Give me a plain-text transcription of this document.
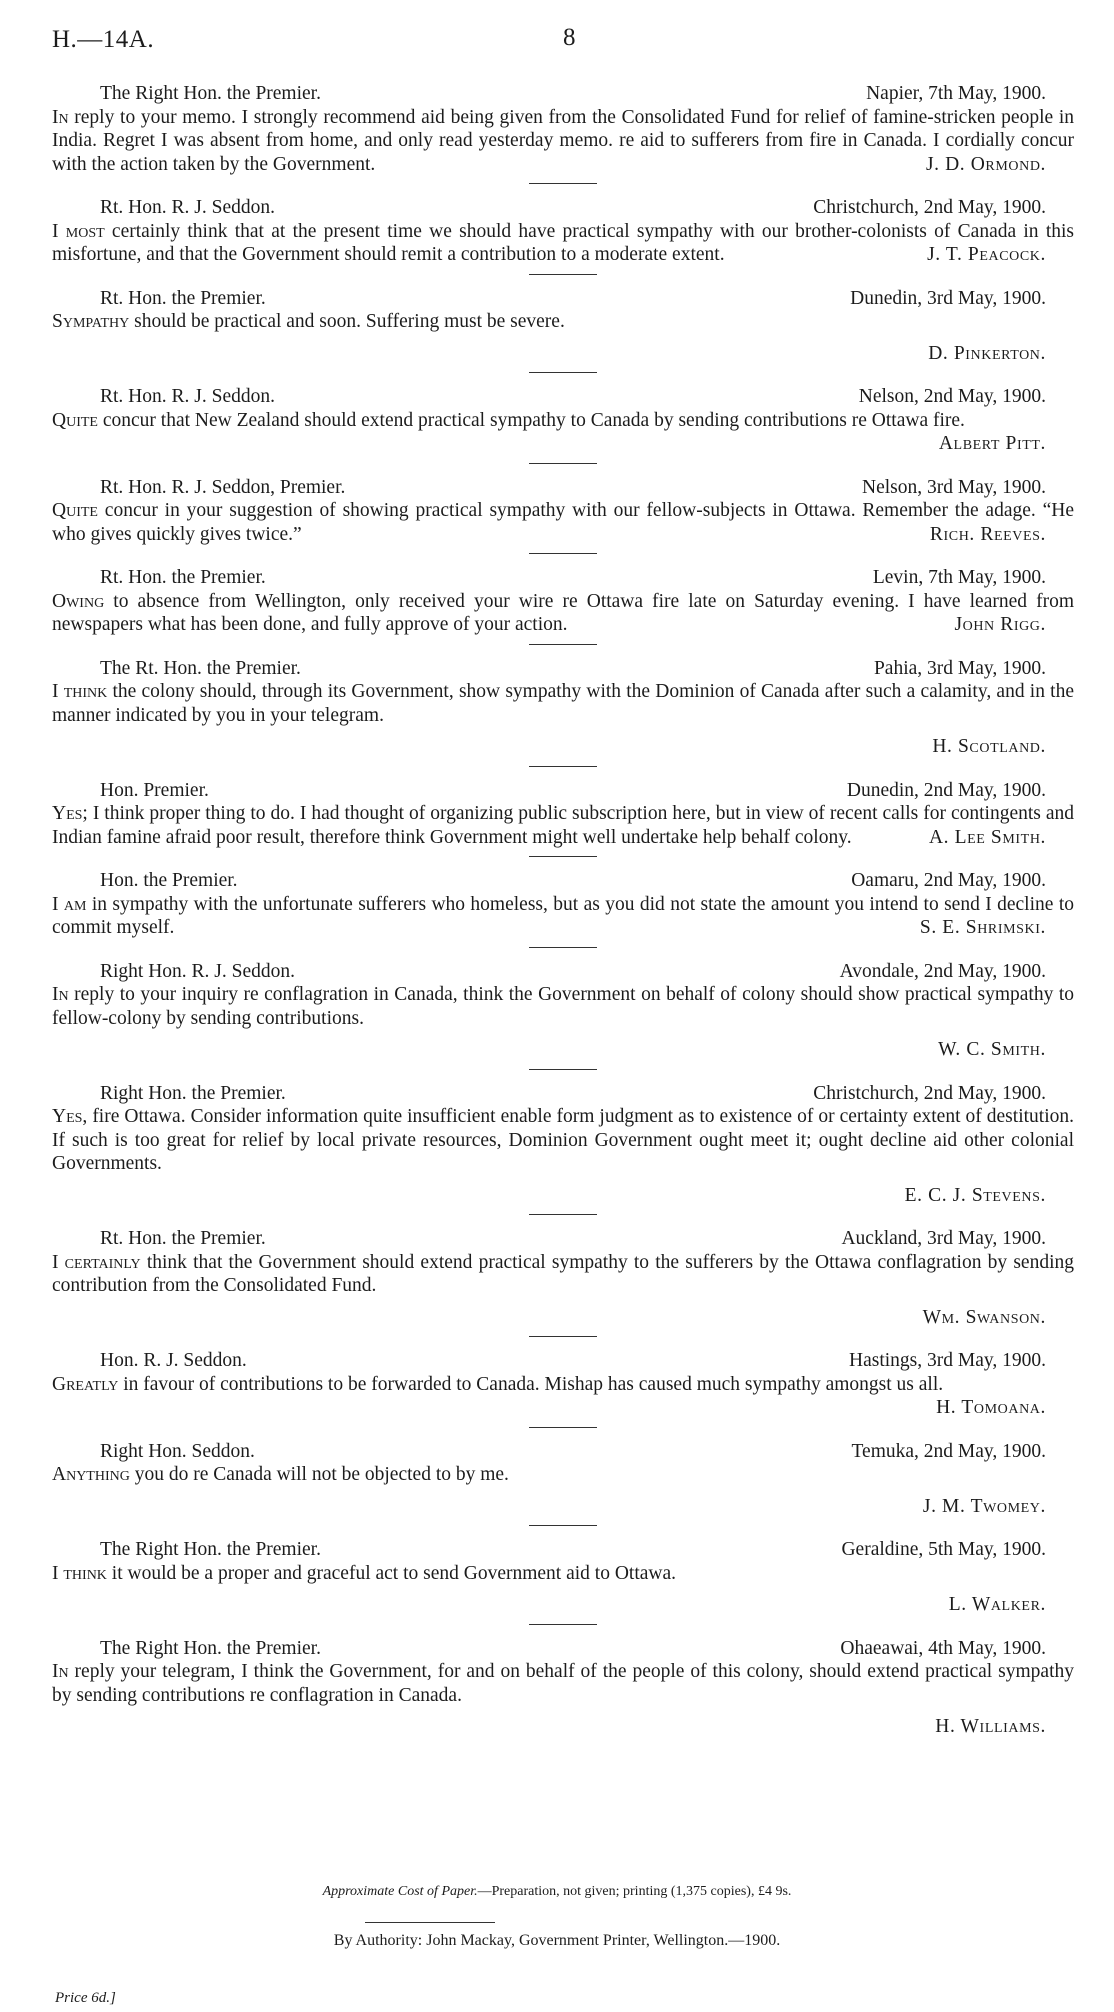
H.—14A.	8
The Right Hon. the Premier.	Napier, 7th May, 1900.
In reply to your memo. I strongly recommend aid being given from the Consolidated Fund for relief of famine-stricken people in India. Regret I was absent from home, and only read yesterday memo. re aid to sufferers from fire in Canada. I cordially concur with the action taken by the Government.	J. D. Ormond.
Rt. Hon. R. J. Seddon.	Christchurch, 2nd May, 1900.
I most certainly think that at the present time we should have practical sympathy with our brother-colonists of Canada in this misfortune, and that the Government should remit a contribution to a moderate extent.	J. T. Peacock.
Rt. Hon. the Premier.	Dunedin, 3rd May, 1900.
Sympathy should be practical and soon. Suffering must be severe.
D. Pinkerton.
Rt. Hon. R. J. Seddon.	Nelson, 2nd May, 1900.
Quite concur that New Zealand should extend practical sympathy to Canada by sending contributions re Ottawa fire.
Albert Pitt.
Rt. Hon. R. J. Seddon, Premier.	Nelson, 3rd May, 1900.
Quite concur in your suggestion of showing practical sympathy with our fellow-subjects in Ottawa. Remember the adage. “He who gives quickly gives twice.”	Rich. Reeves.
Rt. Hon. the Premier.	Levin, 7th May, 1900.
Owing to absence from Wellington, only received your wire re Ottawa fire late on Saturday evening. I have learned from newspapers what has been done, and fully approve of your action.	John Rigg.
The Rt. Hon. the Premier.	Pahia, 3rd May, 1900.
I think the colony should, through its Government, show sympathy with the Dominion of Canada after such a calamity, and in the manner indicated by you in your telegram.
H. Scotland.
Hon. Premier.	Dunedin, 2nd May, 1900.
Yes; I think proper thing to do. I had thought of organizing public subscription here, but in view of recent calls for contingents and Indian famine afraid poor result, therefore think Government might well undertake help behalf colony.	A. Lee Smith.
Hon. the Premier.	Oamaru, 2nd May, 1900.
I am in sympathy with the unfortunate sufferers who homeless, but as you did not state the amount you intend to send I decline to commit myself.	S. E. Shrimski.
Right Hon. R. J. Seddon.	Avondale, 2nd May, 1900.
In reply to your inquiry re conflagration in Canada, think the Government on behalf of colony should show practical sympathy to fellow-colony by sending contributions.
W. C. Smith.
Right Hon. the Premier.	Christchurch, 2nd May, 1900.
Yes, fire Ottawa. Consider information quite insufficient enable form judgment as to existence of or certainty extent of destitution. If such is too great for relief by local private resources, Dominion Government ought meet it; ought decline aid other colonial Governments.
E. C. J. Stevens.
Rt. Hon. the Premier.	Auckland, 3rd May, 1900.
I certainly think that the Government should extend practical sympathy to the sufferers by the Ottawa conflagration by sending contribution from the Consolidated Fund.
Wm. Swanson.
Hon. R. J. Seddon.	Hastings, 3rd May, 1900.
Greatly in favour of contributions to be forwarded to Canada. Mishap has caused much sympathy amongst us all.
H. Tomoana.
Right Hon. Seddon.	Temuka, 2nd May, 1900.
Anything you do re Canada will not be objected to by me.
J. M. Twomey.
The Right Hon. the Premier.	Geraldine, 5th May, 1900.
I think it would be a proper and graceful act to send Government aid to Ottawa.
L. Walker.
The Right Hon. the Premier.	Ohaeawai, 4th May, 1900.
In reply your telegram, I think the Government, for and on behalf of the people of this colony, should extend practical sympathy by sending contributions re conflagration in Canada.
H. Williams.
Approximate Cost of Paper.—Preparation, not given; printing (1,375 copies), £4 9s.
By Authority: John Mackay, Government Printer, Wellington.—1900.
Price 6d.]
